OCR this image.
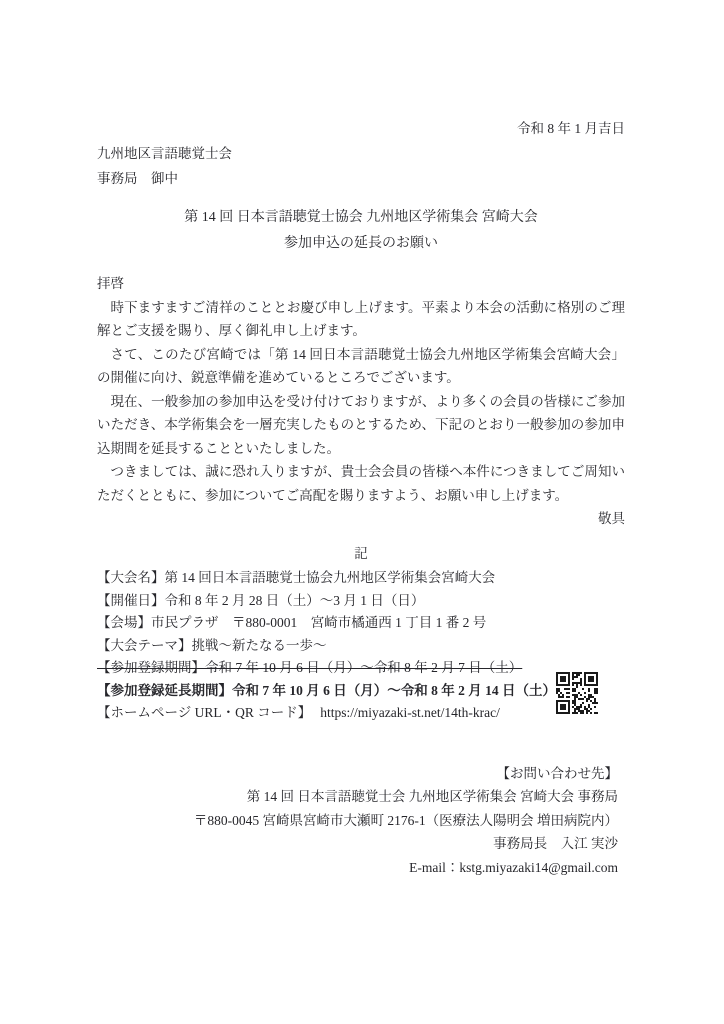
令和 8 年 1 月吉日
九州地区言語聴覚士会
事務局　御中
第 14 回 日本言語聴覚士協会 九州地区学術集会 宮崎大会
参加申込の延長のお願い

拝啓

時下ますますご清祥のこととお慶び申し上げます。平素より本会の活動に格別のご理解とご支援を賜り、厚く御礼申し上げます。

さて、このたび宮崎では「第 14 回日本言語聴覚士協会九州地区学術集会宮崎大会」の開催に向け、鋭意準備を進めているところでございます。

現在、一般参加の参加申込を受け付けておりますが、より多くの会員の皆様にご参加いただき、本学術集会を一層充実したものとするため、下記のとおり一般参加の参加申込期間を延長することといたしました。

つきましては、誠に恐れ入りますが、貴士会会員の皆様へ本件につきましてご周知いただくとともに、参加についてご高配を賜りますよう、お願い申し上げます。

敬具
記
【大会名】第 14 回日本言語聴覚士協会九州地区学術集会宮崎大会
【開催日】令和 8 年 2 月 28 日（土）〜3 月 1 日（日）
【会場】市民プラザ　〒880-0001　宮崎市橘通西 1 丁目 1 番 2 号
【大会テーマ】挑戦〜新たなる一歩〜
【参加登録期間】令和 7 年 10 月 6 日（月）〜令和 8 年 2 月 7 日（土）
【参加登録延長期間】令和 7 年 10 月 6 日（月）〜令和 8 年 2 月 14 日（土）
【ホームページ URL・QR コード】 https://miyazaki-st.net/14th-krac/
【お問い合わせ先】
第 14 回 日本言語聴覚士会 九州地区学術集会 宮崎大会 事務局
〒880-0045 宮崎県宮崎市大瀬町 2176-1（医療法人陽明会 増田病院内）
事務局長　入江 実沙
E-mail：kstg.miyazaki14@gmail.com
